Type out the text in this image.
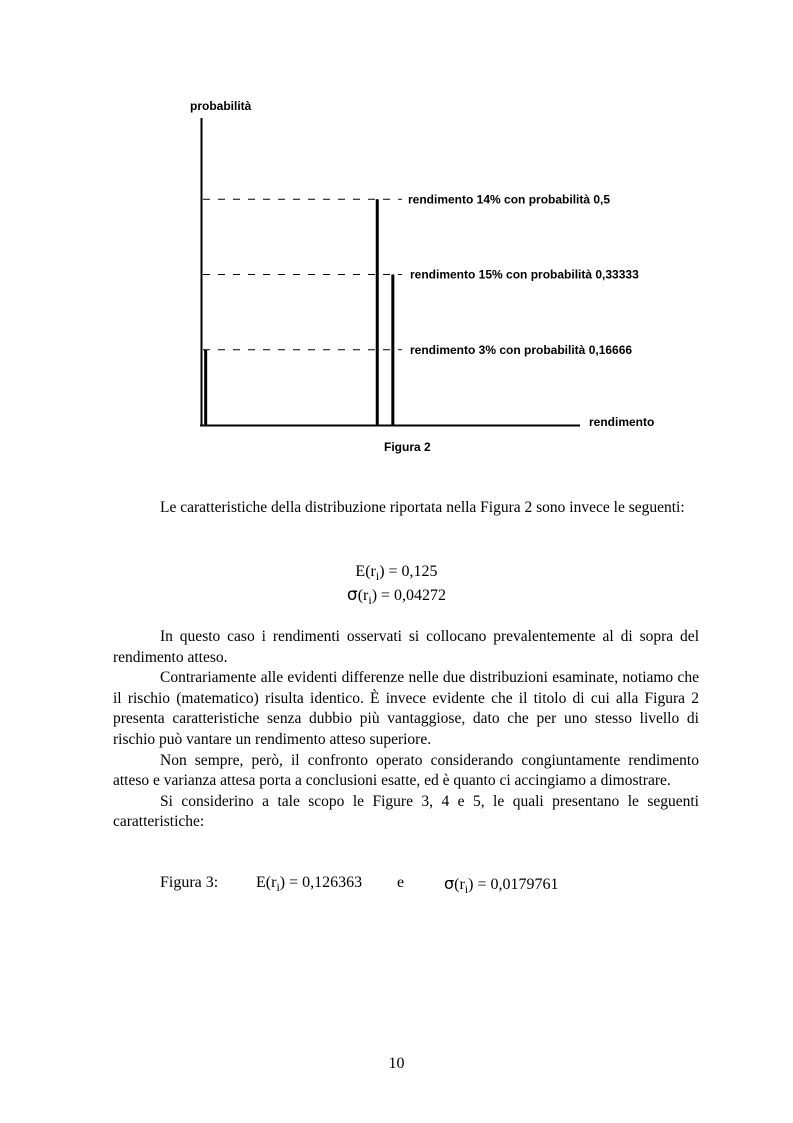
probabilità
rendimento
rendimento 14% con probabilità 0,5
rendimento 15% con probabilità 0,33333
rendimento 3% con probabilità 0,16666
Figura 2

Le caratteristiche della distribuzione riportata nella Figura 2 sono invece le seguenti:

$E(r_i) = 0,125$
$\sigma(r_i) = 0,04272$

In questo caso i rendimenti osservati si collocano prevalentemente al di sopra del rendimento atteso.

Contrariamente alle evidenti differenze nelle due distribuzioni esaminate, notiamo che il rischio (matematico) risulta identico. È invece evidente che il titolo di cui alla Figura 2 presenta caratteristiche senza dubbio più vantaggiose, dato che per uno stesso livello di rischio può vantare un rendimento atteso superiore.

Non sempre, però, il confronto operato considerando congiuntamente rendimento atteso e varianza attesa porta a conclusioni esatte, ed è quanto ci accingiamo a dimostrare.

Si considerino a tale scopo le Figure 3, 4 e 5, le quali presentano le seguenti caratteristiche:

Figura 3: $E(r_i) = 0,126363$ e $\sigma(r_i) = 0,0179761$
10
